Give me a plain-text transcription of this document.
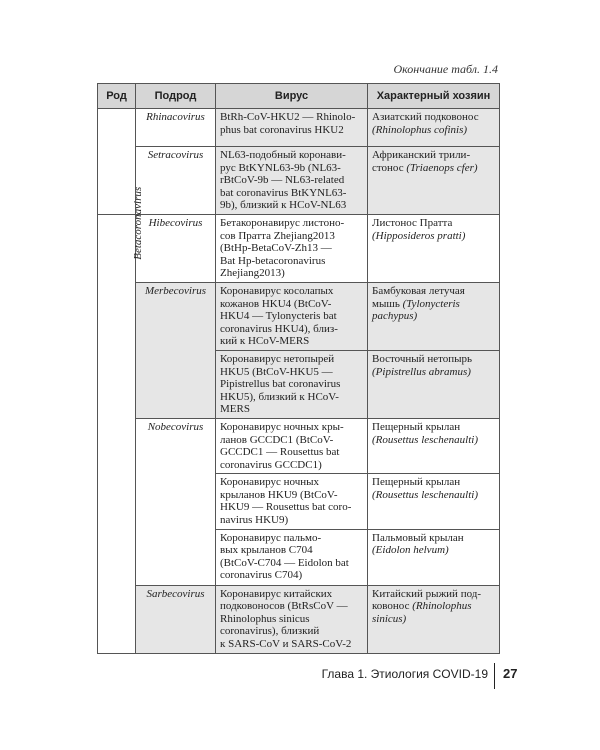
Окончание табл. 1.4
Род	Подрод	Вирус	Характерный хозяин
	Rhinacovirus	BtRh-CoV-HKU2 — Rhinolo-
phus bat coronavirus HKU2	Азиатский подковонос
(Rhinolophus сofinis)
	Setracovirus	NL63-подобный коронави-
рус BtKYNL63-9b (NL63-
rBtCoV-9b — NL63-related
bat coronavirus BtKYNL63-
9b), близкий к HCoV-NL63	Африканский трили-
стонос (Triaenops сfer)
Betacoronavirus	Hibecovirus	Бетакоронавирус листоно-
сов Пратта Zhejiang2013
(BtHp-BetaCoV-Zh13 —
Bat Hp-betacoronavirus
Zhejiang2013)	Листонос Пратта
(Hipposideros pratti)
	Merbecovirus	Коронавирус косолапых
кожанов HKU4 (BtCoV-
HKU4 — Tylonycteris bat
coronavirus HKU4), близ-
кий к HCoV-MERS	Бамбуковая летучая
мышь (Tylonycteris
pachypus)
		Коронавирус нетопырей
HKU5 (BtCoV-HKU5 —
Pipistrellus bat coronavirus
HKU5), близкий к HCoV-
MERS	Восточный нетопырь
(Pipistrellus abramus)
	Nobecovirus	Коронавирус ночных кры-
ланов GCCDC1 (BtCoV-
GCCDC1 — Rousettus bat
coronavirus GCCDC1)	Пещерный крылан
(Rousettus leschenaulti)
		Коронавирус ночных
крыланов HKU9 (BtCoV-
HKU9 — Rousettus bat coro-
navirus HKU9)	Пещерный крылан
(Rousettus leschenaulti)
		Коронавирус пальмо-
вых крыланов C704
(BtCoV-C704 — Eidolon bat
coronavirus C704)	Пальмовый крылан
(Eidolon helvum)
	Sarbecovirus	Коронавирус китайских
подковоносов (BtRsCoV —
Rhinolophus sinicus
coronavirus), близкий
к SARS-CoV и SARS-CoV-2	Китайский рыжий под-
ковонос (Rhinolophus
sinicus)
Глава 1. Этиология COVID-19 27
